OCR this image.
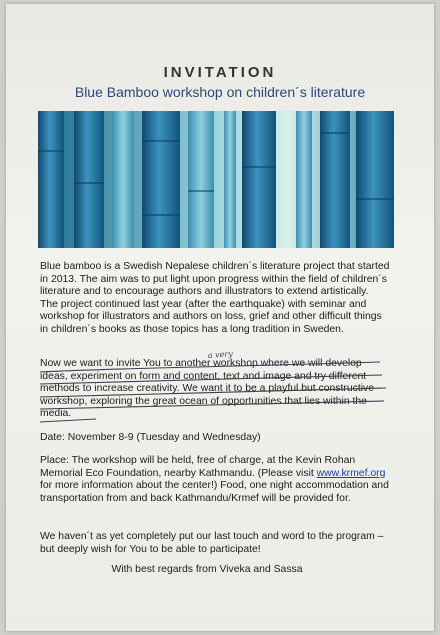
INVITATION
Blue Bamboo workshop on children´s literature

Blue bamboo is a Swedish Nepalese children´s literature project that started in 2013. The aim was to put light upon progress within the field of children´s literature and to encourage authors and illustrators to extend artistically.

The project continued last year (after the earthquake) with seminar and workshop for illustrators and authors on loss, grief and other difficult things in children´s books as those topics has a long tradition in Sweden.

Now we want to invite You to another workshop where we will develop ideas, experiment on form and content, text and image and try different methods to increase creativity. We want it to be a playful but constructive workshop, exploring the great ocean of opportunities that lies within the media.

Date: November 8-9 (Tuesday and Wednesday)

Place: The workshop will be held, free of charge, at the Kevin Rohan Memorial Eco Foundation, nearby Kathmandu. (Please visit www.krmef.org for more information about the center!) Food, one night accommodation and transportation from and back Kathmandu/Krmef will be provided for.

We haven´t as yet completely put our last touch and word to the program – but deeply wish for You to be able to participate!

With best regards from Viveka and Sassa

a very
